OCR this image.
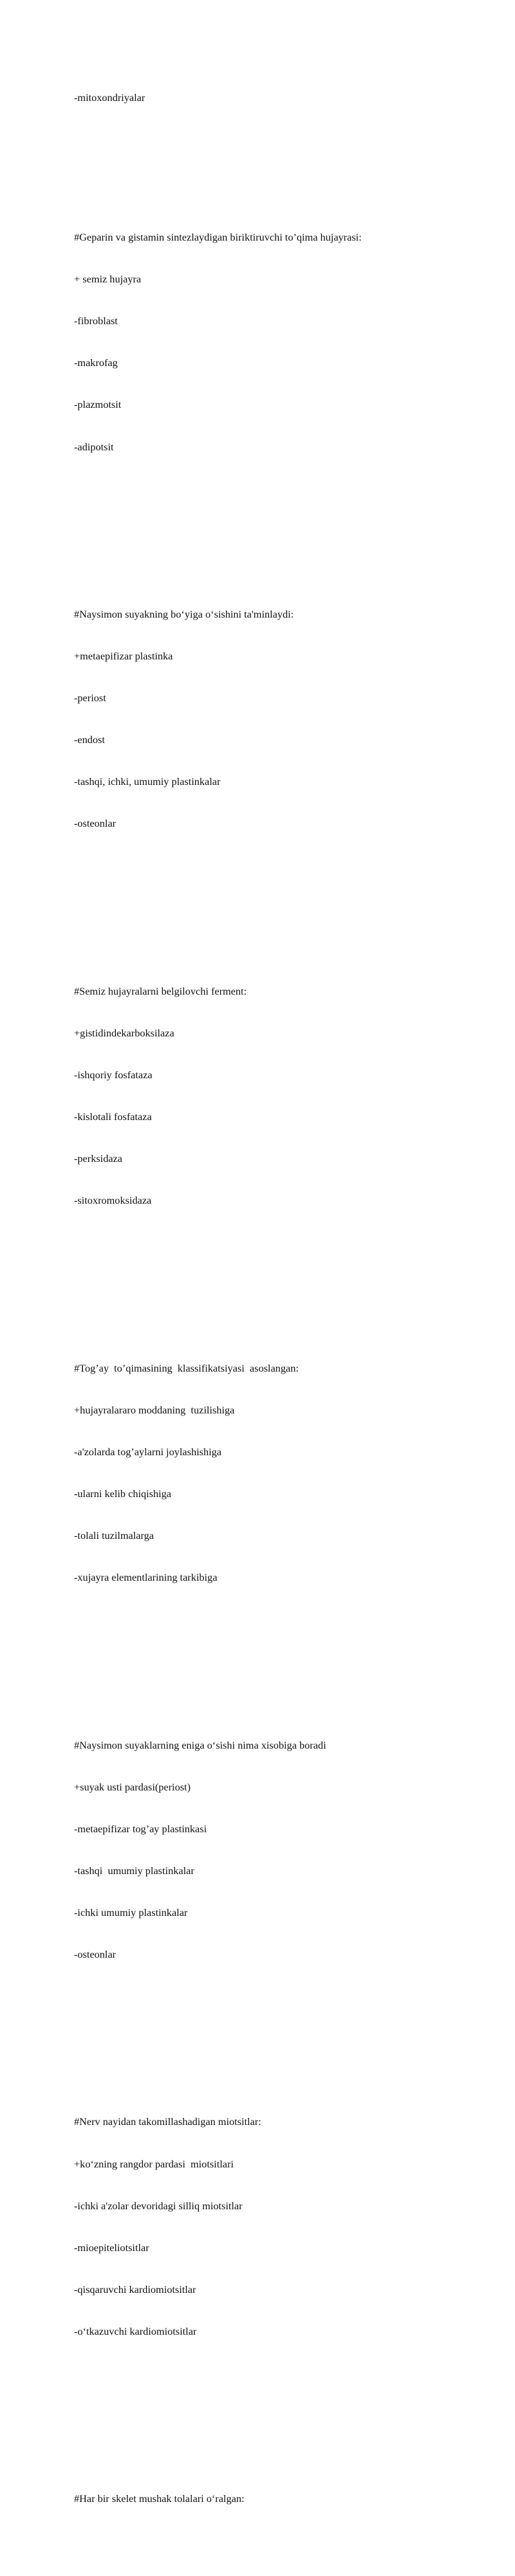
-mitoxondriyalar

#Geparin va gistamin sintezlaydigan biriktiruvchi to’qima hujayrasi:

+ semiz hujayra

-fibroblast

-makrofag

-plazmotsit

-adipotsit

#Naysimon suyakning bo‘yiga o‘sishini ta'minlaydi:

+metaepifizar plastinka

-periost

-endost

-tashqi, ichki, umumiy plastinkalar

-osteonlar

#Semiz hujayralarni belgilovchi ferment:

+gistidindekarboksilaza

-ishqoriy fosfataza

-kislotali fosfataza

-perksidaza

-sitoxromoksidaza

#Tog’ay  to’qimasining  klassifikatsiyasi  asoslangan:

+hujayralararo moddaning  tuzilishiga

-a'zolarda tog’aylarni joylashishiga

-ularni kelib chiqishiga

-tolali tuzilmalarga

-xujayra elementlarining tarkibiga

#Naysimon suyaklarning eniga o‘sishi nima xisobiga boradi

+suyak usti pardasi(periost)

-metaepifizar tog’ay plastinkasi

-tashqi  umumiy plastinkalar

-ichki umumiy plastinkalar

-osteonlar

#Nerv nayidan takomillashadigan miotsitlar:

+ko‘zning rangdor pardasi  miotsitlari

-ichki a'zolar devoridagi silliq miotsitlar

-mioepiteliotsitlar

-qisqaruvchi kardiomiotsitlar

-o‘tkazuvchi kardiomiotsitlar

#Har bir skelet mushak tolalari o‘ralgan:
